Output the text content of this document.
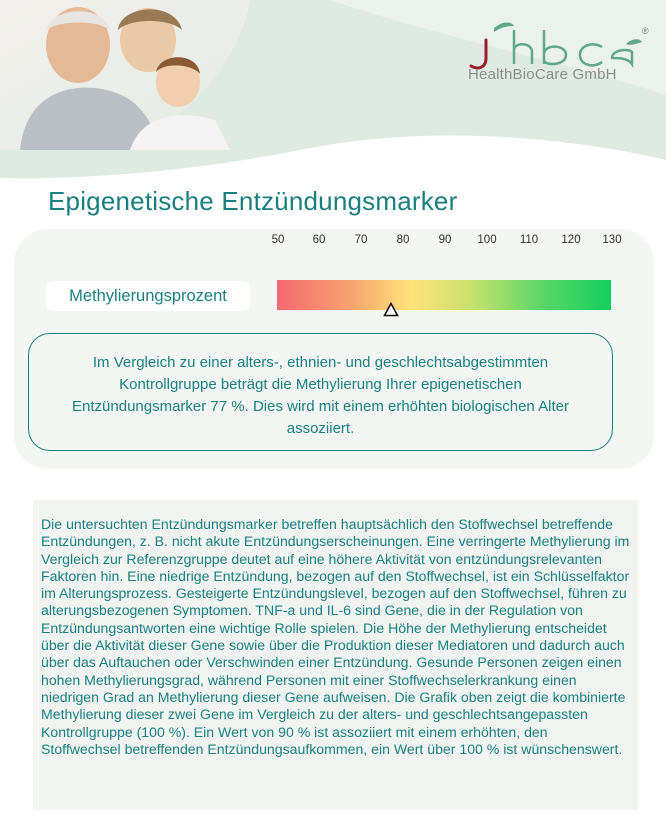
®
HealthBioCare GmbH
Epigenetische Entzündungsmarker
50 60	70	80	90 100 110 120 130
Methylierungsprozent
Im Vergleich zu einer alters-, ethnien- und geschlechtsabgestimmten Kontrollgruppe beträgt die Methylierung Ihrer epigenetischen Entzündungsmarker 77 %. Dies wird mit einem erhöhten biologischen Alter assoziiert.
Die untersuchten Entzündungsmarker betreffen hauptsächlich den Stoffwechsel betreffende Entzündungen, z. B. nicht akute Entzündungserscheinungen. Eine verringerte Methylierung im Vergleich zur Referenzgruppe deutet auf eine höhere Aktivität von entzündungsrelevanten Faktoren hin. Eine niedrige Entzündung, bezogen auf den Stoffwechsel, ist ein Schlüsselfaktor im Alterungsprozess. Gesteigerte Entzündungslevel, bezogen auf den Stoffwechsel, führen zu alterungsbezogenen Symptomen. TNF-a und IL-6 sind Gene, die in der Regulation von Entzündungsantworten eine wichtige Rolle spielen. Die Höhe der Methylierung entscheidet über die Aktivität dieser Gene sowie über die Produktion dieser Mediatoren und dadurch auch über das Auftauchen oder Verschwinden einer Entzündung. Gesunde Personen zeigen einen hohen Methylierungsgrad, während Personen mit einer Stoffwechselerkrankung einen niedrigen Grad an Methylierung dieser Gene aufweisen. Die Grafik oben zeigt die kombinierte Methylierung dieser zwei Gene im Vergleich zu der alters- und geschlechtsangepassten Kontrollgruppe (100 %). Ein Wert von 90 % ist assoziiert mit einem erhöhten, den Stoffwechsel betreffenden Entzündungsaufkommen, ein Wert über 100 % ist wünschenswert.
